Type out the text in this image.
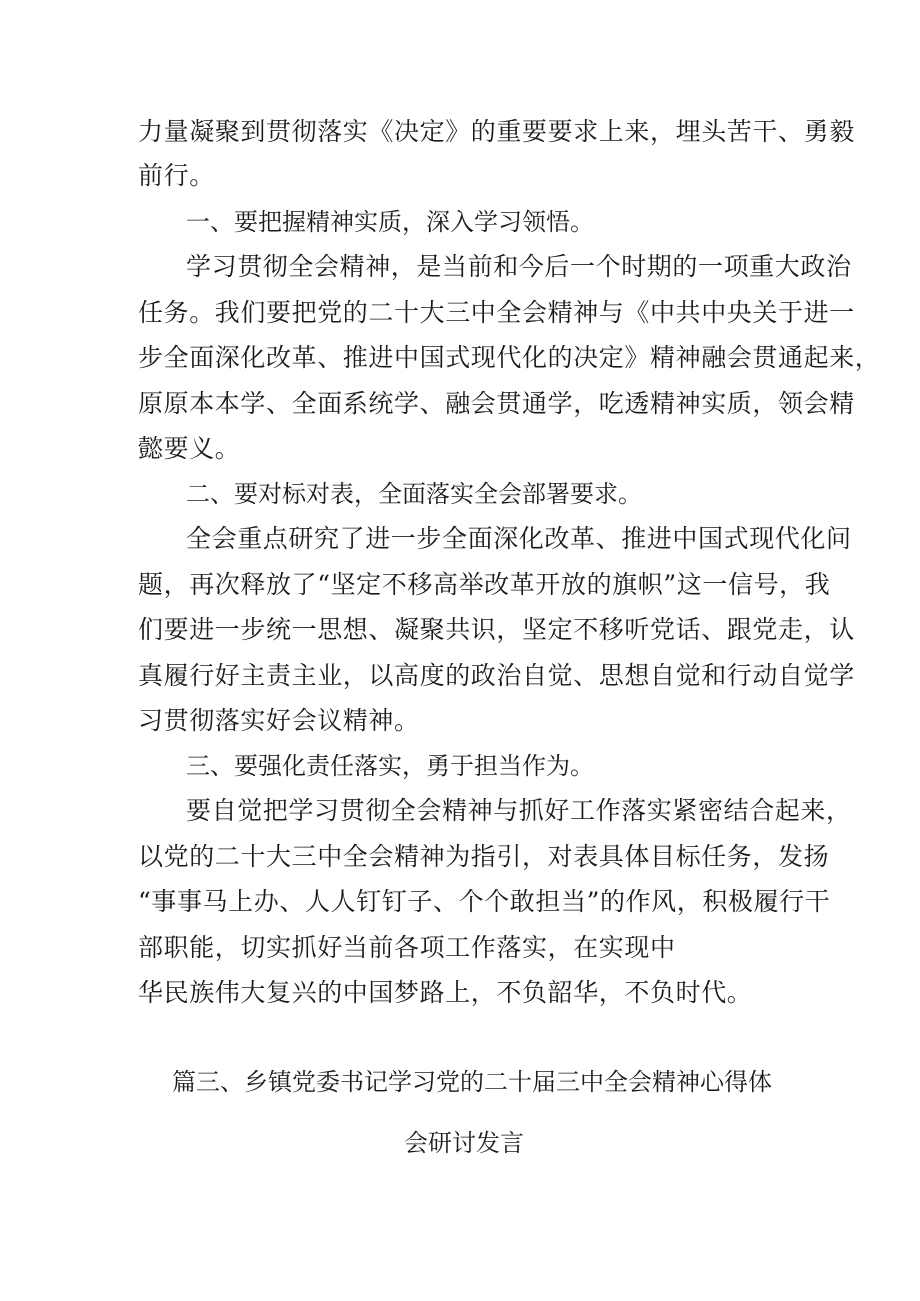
力量凝聚到贯彻落实《决定》的重要要求上来，埋头苦干、勇毅
前行。
一、要把握精神实质，深入学习领悟。
学习贯彻全会精神，是当前和今后一个时期的一项重大政治
任务。我们要把党的二十大三中全会精神与《中共中央关于进一
步全面深化改革、推进中国式现代化的决定》精神融会贯通起来，
原原本本学、全面系统学、融会贯通学，吃透精神实质，领会精
懿要义。
二、要对标对表，全面落实全会部署要求。
全会重点研究了进一步全面深化改革、推进中国式现代化问
题，再次释放了“坚定不移高举改革开放的旗帜”这一信号，我
们要进一步统一思想、凝聚共识，坚定不移听党话、跟党走，认
真履行好主责主业，以高度的政治自觉、思想自觉和行动自觉学
习贯彻落实好会议精神。
三、要强化责任落实，勇于担当作为。
要自觉把学习贯彻全会精神与抓好工作落实紧密结合起来，
以党的二十大三中全会精神为指引，对表具体目标任务，发扬
“事事马上办、人人钉钉子、个个敢担当”的作风，积极履行干
部职能，切实抓好当前各项工作落实，在实现中
华民族伟大复兴的中国梦路上，不负韶华，不负时代。
篇三、乡镇党委书记学习党的二十届三中全会精神心得体
会研讨发言
